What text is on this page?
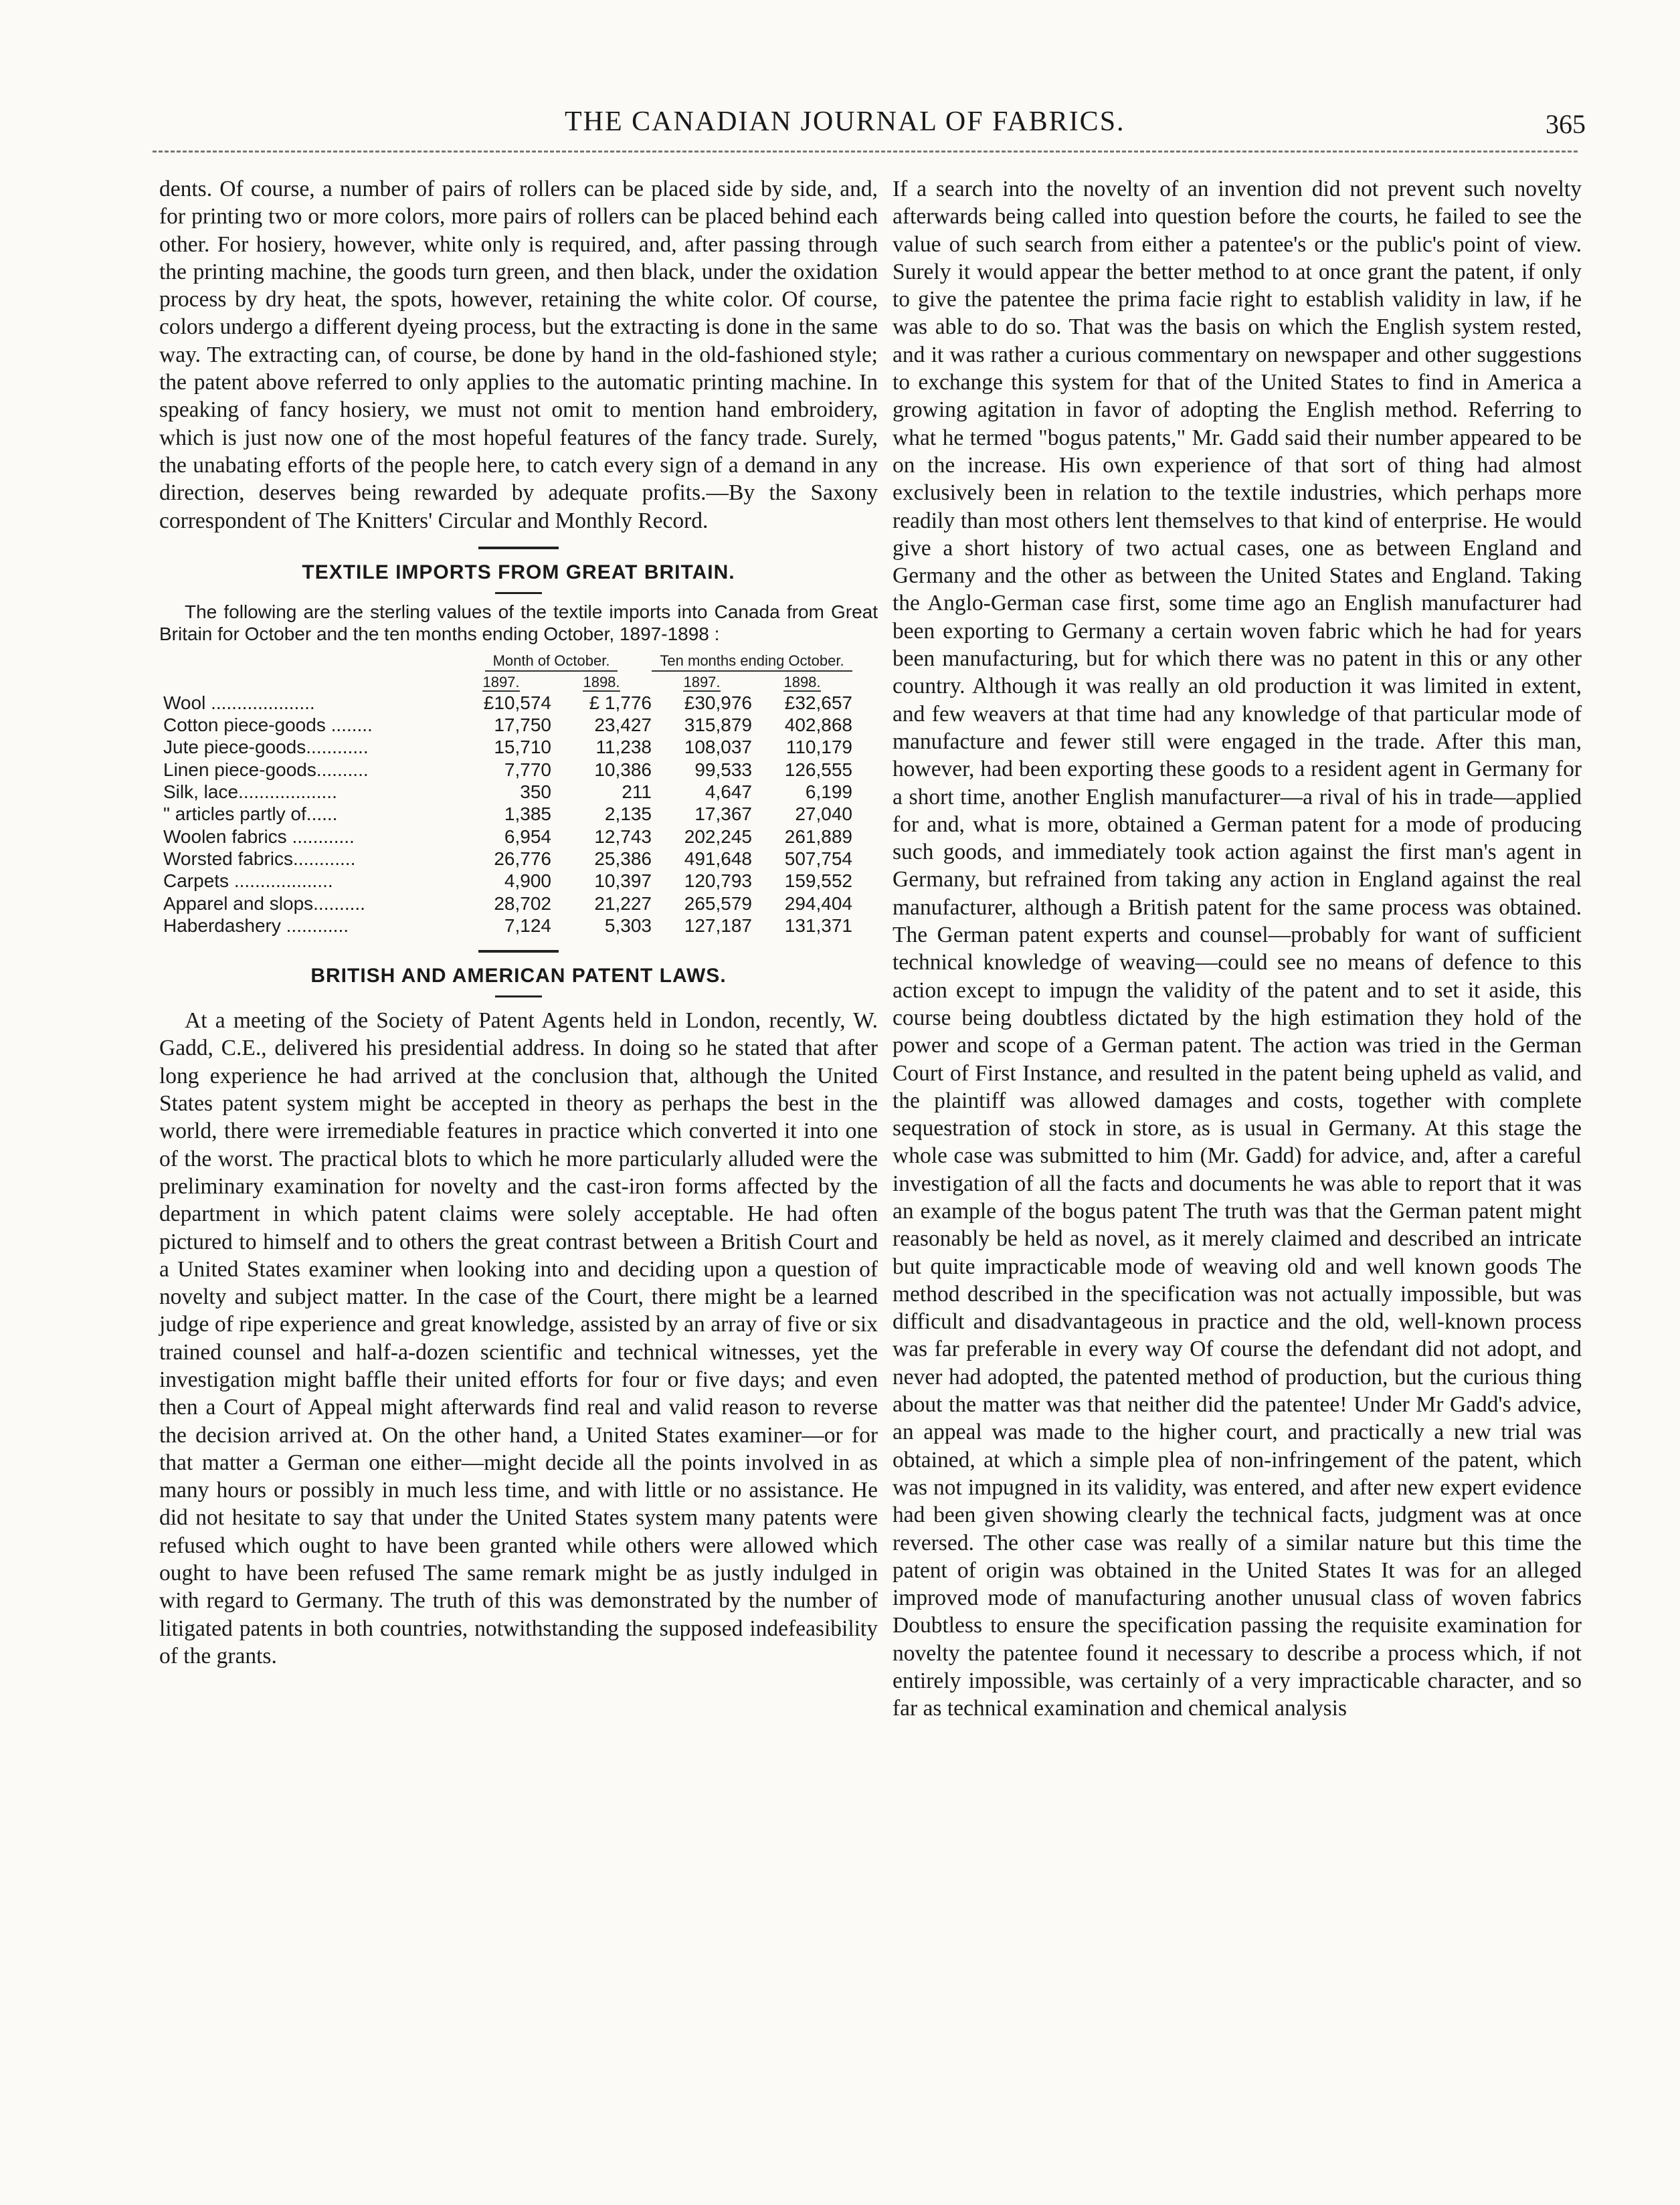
THE CANADIAN JOURNAL OF FABRICS.	365

dents. Of course, a number of pairs of rollers can be placed side by side, and, for printing two or more colors, more pairs of rollers can be placed behind each other. For hosiery, however, white only is required, and, after passing through the printing machine, the goods turn green, and then black, under the oxidation process by dry heat, the spots, however, retaining the white color. Of course, colors undergo a different dyeing process, but the extracting is done in the same way. The extracting can, of course, be done by hand in the old-fashioned style; the patent above referred to only applies to the automatic printing machine. In speaking of fancy hosiery, we must not omit to mention hand embroidery, which is just now one of the most hopeful features of the fancy trade. Surely, the unabating efforts of the people here, to catch every sign of a demand in any direction, deserves being rewarded by adequate profits.—By the Saxony correspondent of The Knitters' Circular and Monthly Record.

TEXTILE IMPORTS FROM GREAT BRITAIN.

The following are the sterling values of the textile imports into Canada from Great Britain for October and the ten months ending October, 1897-1898 :

	Month of October.		Ten months ending October.	
	1897.	1898.	1897.	1898.
Wool ....................	£10,574	£ 1,776	£30,976	£32,657
Cotton piece-goods ........	17,750	23,427	315,879	402,868
Jute piece-goods............	15,710	11,238	108,037	110,179
Linen piece-goods..........	7,770	10,386	99,533	126,555
Silk, lace...................	350	211	4,647	6,199
" articles partly of......	1,385	2,135	17,367	27,040
Woolen fabrics ............	6,954	12,743	202,245	261,889
Worsted fabrics............	26,776	25,386	491,648	507,754
Carpets ...................	4,900	10,397	120,793	159,552
Apparel and slops..........	28,702	21,227	265,579	294,404
Haberdashery ............	7,124	5,303	127,187	131,371
BRITISH AND AMERICAN PATENT LAWS.

At a meeting of the Society of Patent Agents held in London, recently, W. Gadd, C.E., delivered his presidential address. In doing so he stated that after long experience he had arrived at the conclusion that, although the United States patent system might be accepted in theory as perhaps the best in the world, there were irremediable features in practice which converted it into one of the worst. The practical blots to which he more particularly alluded were the preliminary examination for novelty and the cast-iron forms affected by the department in which patent claims were solely acceptable. He had often pictured to himself and to others the great contrast between a British Court and a United States examiner when looking into and deciding upon a question of novelty and subject matter. In the case of the Court, there might be a learned judge of ripe experience and great knowledge, assisted by an array of five or six trained counsel and half-a-dozen scientific and technical witnesses, yet the investigation might baffle their united efforts for four or five days; and even then a Court of Appeal might afterwards find real and valid reason to reverse the decision arrived at. On the other hand, a United States examiner—or for that matter a German one either—might decide all the points involved in as many hours or possibly in much less time, and with little or no assistance. He did not hesitate to say that under the United States system many patents were refused which ought to have been granted while others were allowed which ought to have been refused The same remark might be as justly indulged in with regard to Germany. The truth of this was demonstrated by the number of litigated patents in both countries, notwithstanding the supposed indefeasibility of the grants.

If a search into the novelty of an invention did not prevent such novelty afterwards being called into question before the courts, he failed to see the value of such search from either a patentee's or the public's point of view. Surely it would appear the better method to at once grant the patent, if only to give the patentee the prima facie right to establish validity in law, if he was able to do so. That was the basis on which the English system rested, and it was rather a curious commentary on newspaper and other suggestions to exchange this system for that of the United States to find in America a growing agitation in favor of adopting the English method. Referring to what he termed "bogus patents," Mr. Gadd said their number appeared to be on the increase. His own experience of that sort of thing had almost exclusively been in relation to the textile industries, which perhaps more readily than most others lent themselves to that kind of enterprise. He would give a short history of two actual cases, one as between England and Germany and the other as between the United States and England. Taking the Anglo-German case first, some time ago an English manufacturer had been exporting to Germany a certain woven fabric which he had for years been manufacturing, but for which there was no patent in this or any other country. Although it was really an old production it was limited in extent, and few weavers at that time had any knowledge of that particular mode of manufacture and fewer still were engaged in the trade. After this man, however, had been exporting these goods to a resident agent in Germany for a short time, another English manufacturer—a rival of his in trade—applied for and, what is more, obtained a German patent for a mode of producing such goods, and immediately took action against the first man's agent in Germany, but refrained from taking any action in England against the real manufacturer, although a British patent for the same process was obtained. The German patent experts and counsel—probably for want of sufficient technical knowledge of weaving—could see no means of defence to this action except to impugn the validity of the patent and to set it aside, this course being doubtless dictated by the high estimation they hold of the power and scope of a German patent. The action was tried in the German Court of First Instance, and resulted in the patent being upheld as valid, and the plaintiff was allowed damages and costs, together with complete sequestration of stock in store, as is usual in Germany. At this stage the whole case was submitted to him (Mr. Gadd) for advice, and, after a careful investigation of all the facts and documents he was able to report that it was an example of the bogus patent The truth was that the German patent might reasonably be held as novel, as it merely claimed and described an intricate but quite impracticable mode of weaving old and well known goods The method described in the specification was not actually impossible, but was difficult and disadvantageous in practice and the old, well-known process was far preferable in every way Of course the defendant did not adopt, and never had adopted, the patented method of production, but the curious thing about the matter was that neither did the patentee! Under Mr Gadd's advice, an appeal was made to the higher court, and practically a new trial was obtained, at which a simple plea of non-infringement of the patent, which was not impugned in its validity, was entered, and after new expert evidence had been given showing clearly the technical facts, judgment was at once reversed. The other case was really of a similar nature but this time the patent of origin was obtained in the United States It was for an alleged improved mode of manufacturing another unusual class of woven fabrics Doubtless to ensure the specification passing the requisite examination for novelty the patentee found it necessary to describe a process which, if not entirely impossible, was certainly of a very impracticable character, and so far as technical examination and chemical analysis
